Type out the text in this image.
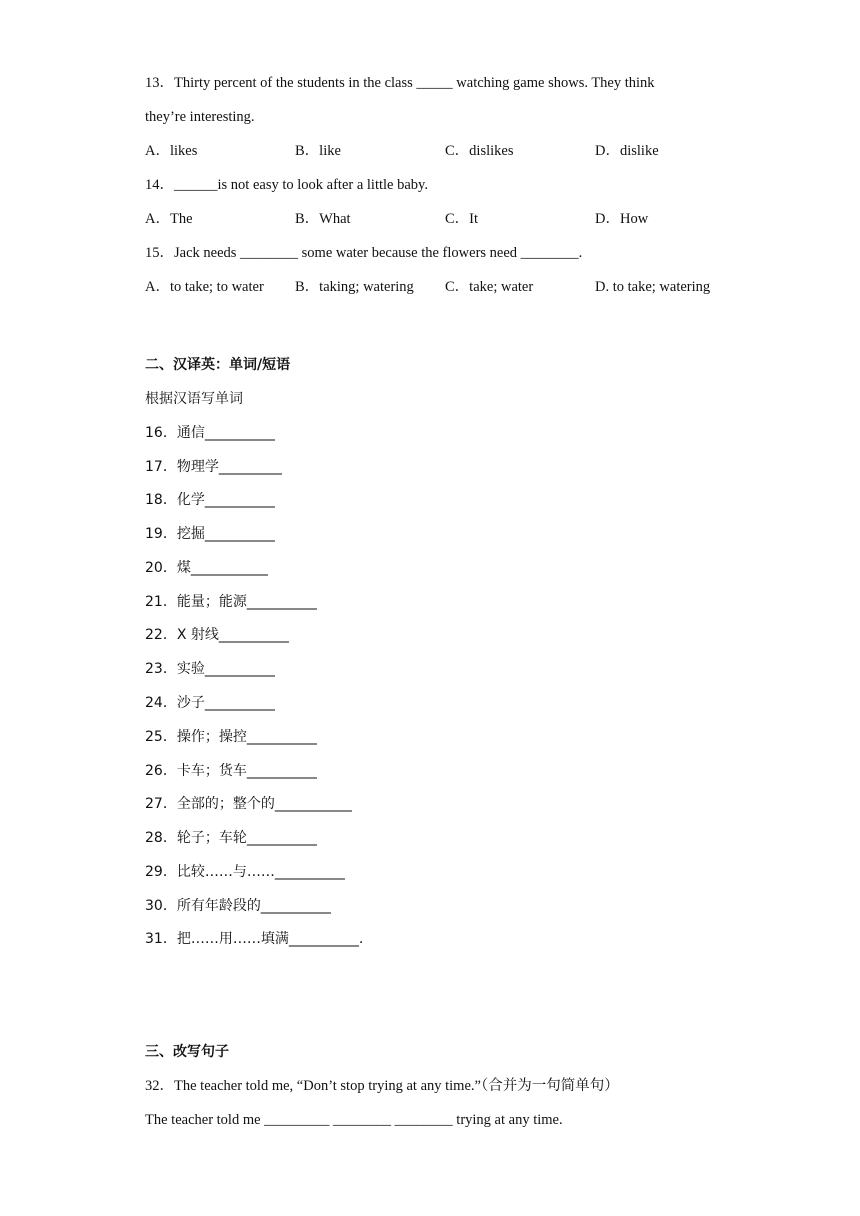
13．Thirty percent of the students in the class _____ watching game shows. They think
they’re interesting.
A．likes	B．like	C．dislikes	D．dislike
14．______is not easy to look after a little baby.
A．The	B．What	C．It	D．How
15．Jack needs ________ some water because the flowers need ________.
A．to take; to water B．taking; watering C．take; water	D. to take; watering
二、汉译英：单词/短语
根据汉语写单词
16．通信__________
17．物理学_________
18．化学__________
19．挖掘__________
20．煤___________
21．能量；能源__________
22．X 射线__________
23．实验__________
24．沙子__________
25．操作；操控__________
26．卡车；货车__________
27．全部的；整个的___________
28．轮子；车轮__________
29．比较……与……__________
30．所有年龄段的__________
31．把……用……填满__________.
三、改写句子
32．The teacher told me, “Don’t stop trying at any time.”（合并为一句简单句）
The teacher told me _________ ________ ________ trying at any time.
